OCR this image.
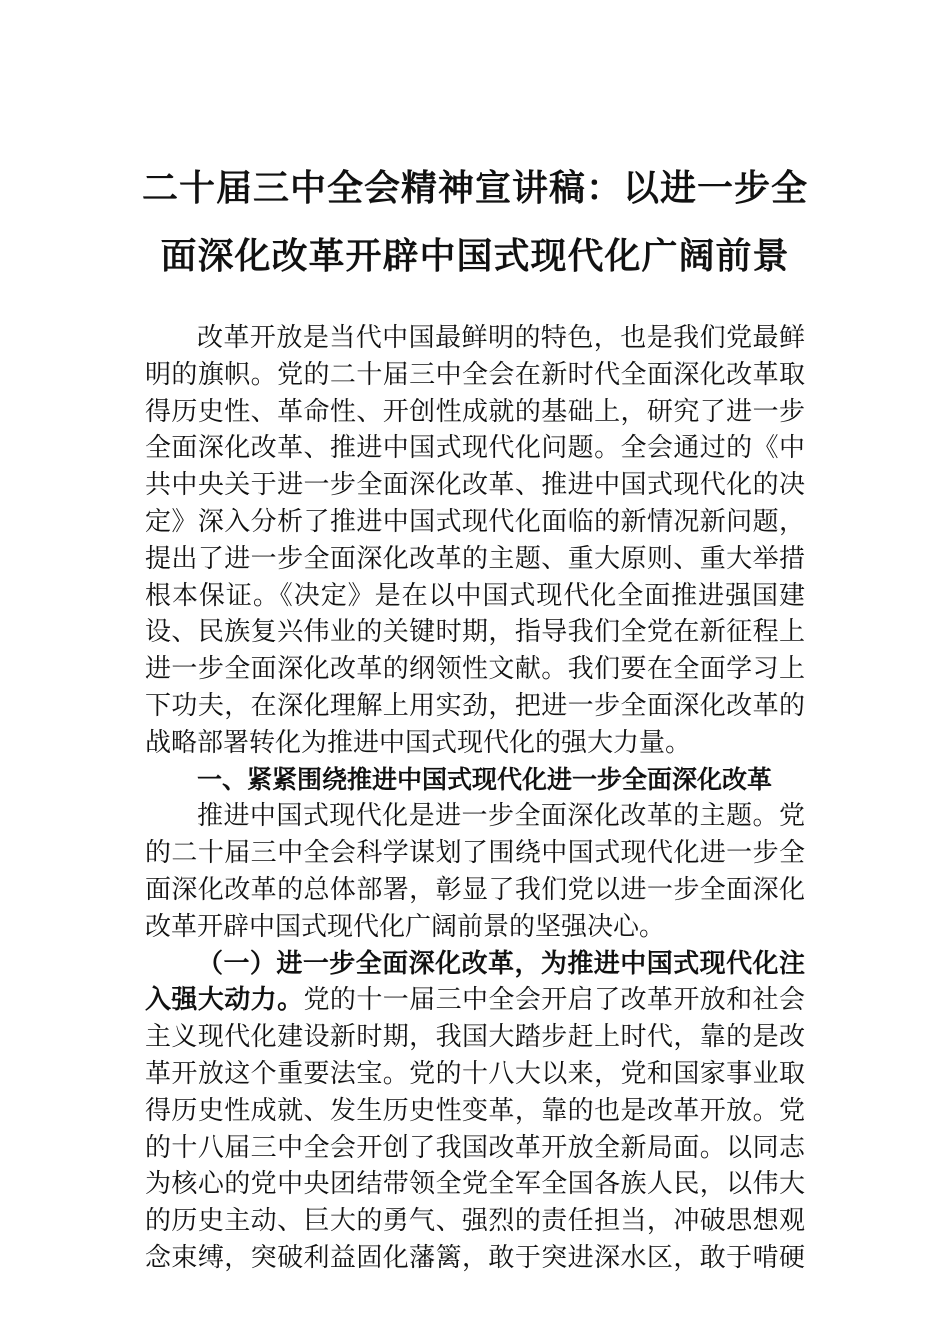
二十届三中全会精神宣讲稿：以进一步全
面深化改革开辟中国式现代化广阔前景
改革开放是当代中国最鲜明的特色，也是我们党最鲜
明的旗帜。党的二十届三中全会在新时代全面深化改革取
得历史性、革命性、开创性成就的基础上，研究了进一步
全面深化改革、推进中国式现代化问题。全会通过的《中
共中央关于进一步全面深化改革、推进中国式现代化的决
定》深入分析了推进中国式现代化面临的新情况新问题，
提出了进一步全面深化改革的主题、重大原则、重大举措
根本保证。《决定》是在以中国式现代化全面推进强国建
设、民族复兴伟业的关键时期，指导我们全党在新征程上
进一步全面深化改革的纲领性文献。我们要在全面学习上
下功夫，在深化理解上用实劲，把进一步全面深化改革的
战略部署转化为推进中国式现代化的强大力量。
一、紧紧围绕推进中国式现代化进一步全面深化改革
推进中国式现代化是进一步全面深化改革的主题。党
的二十届三中全会科学谋划了围绕中国式现代化进一步全
面深化改革的总体部署，彰显了我们党以进一步全面深化
改革开辟中国式现代化广阔前景的坚强决心。
（一）进一步全面深化改革，为推进中国式现代化注
入强大动力。党的十一届三中全会开启了改革开放和社会
主义现代化建设新时期，我国大踏步赶上时代，靠的是改
革开放这个重要法宝。党的十八大以来，党和国家事业取
得历史性成就、发生历史性变革，靠的也是改革开放。党
的十八届三中全会开创了我国改革开放全新局面。以同志
为核心的党中央团结带领全党全军全国各族人民，以伟大
的历史主动、巨大的勇气、强烈的责任担当，冲破思想观
念束缚，突破利益固化藩篱，敢于突进深水区，敢于啃硬
